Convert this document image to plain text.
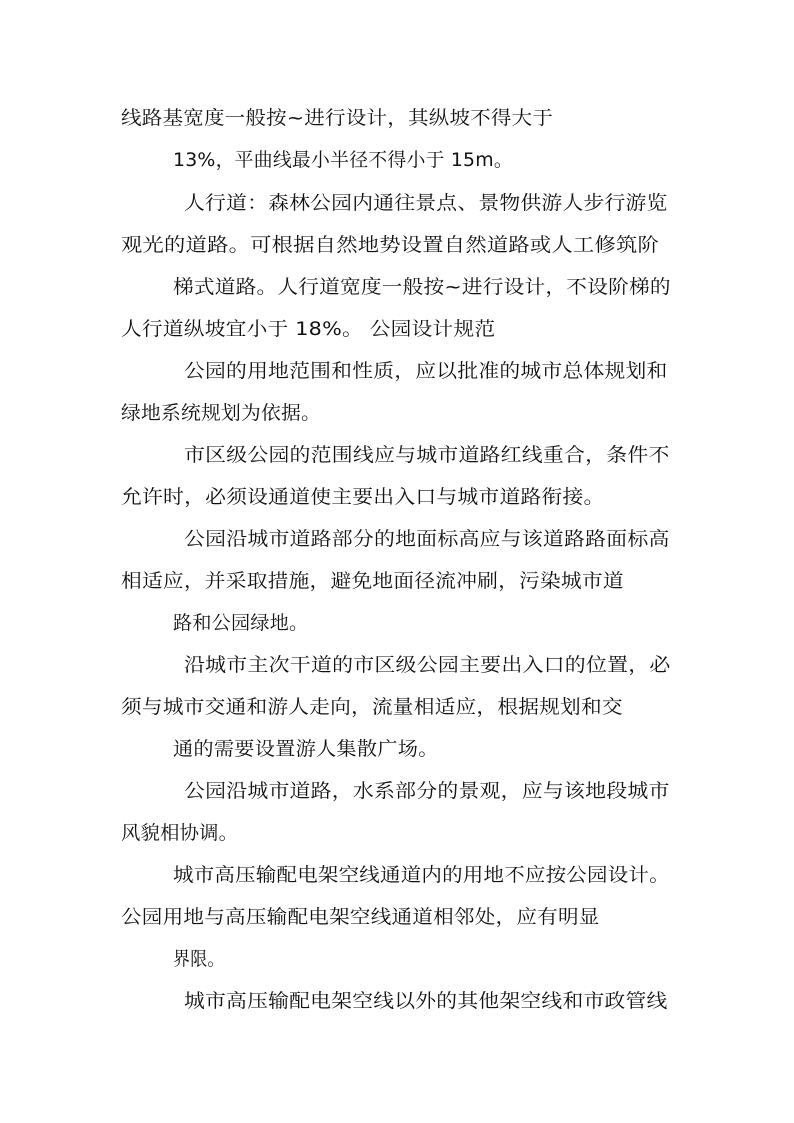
线路基宽度一般按~进行设计，其纵坡不得大于
13%，平曲线最小半径不得小于 15m。
人行道：森林公园内通往景点、景物供游人步行游览
观光的道路。可根据自然地势设置自然道路或人工修筑阶
梯式道路。人行道宽度一般按~进行设计，不设阶梯的
人行道纵坡宜小于 18%。 公园设计规范
公园的用地范围和性质，应以批准的城市总体规划和
绿地系统规划为依据。
市区级公园的范围线应与城市道路红线重合，条件不
允许时，必须设通道使主要出入口与城市道路衔接。
公园沿城市道路部分的地面标高应与该道路路面标高
相适应，并采取措施，避免地面径流冲刷，污染城市道
路和公园绿地。
沿城市主次干道的市区级公园主要出入口的位置，必
须与城市交通和游人走向，流量相适应，根据规划和交
通的需要设置游人集散广场。
公园沿城市道路，水系部分的景观，应与该地段城市
风貌相协调。
城市高压输配电架空线通道内的用地不应按公园设计。
公园用地与高压输配电架空线通道相邻处，应有明显
界限。
城市高压输配电架空线以外的其他架空线和市政管线
